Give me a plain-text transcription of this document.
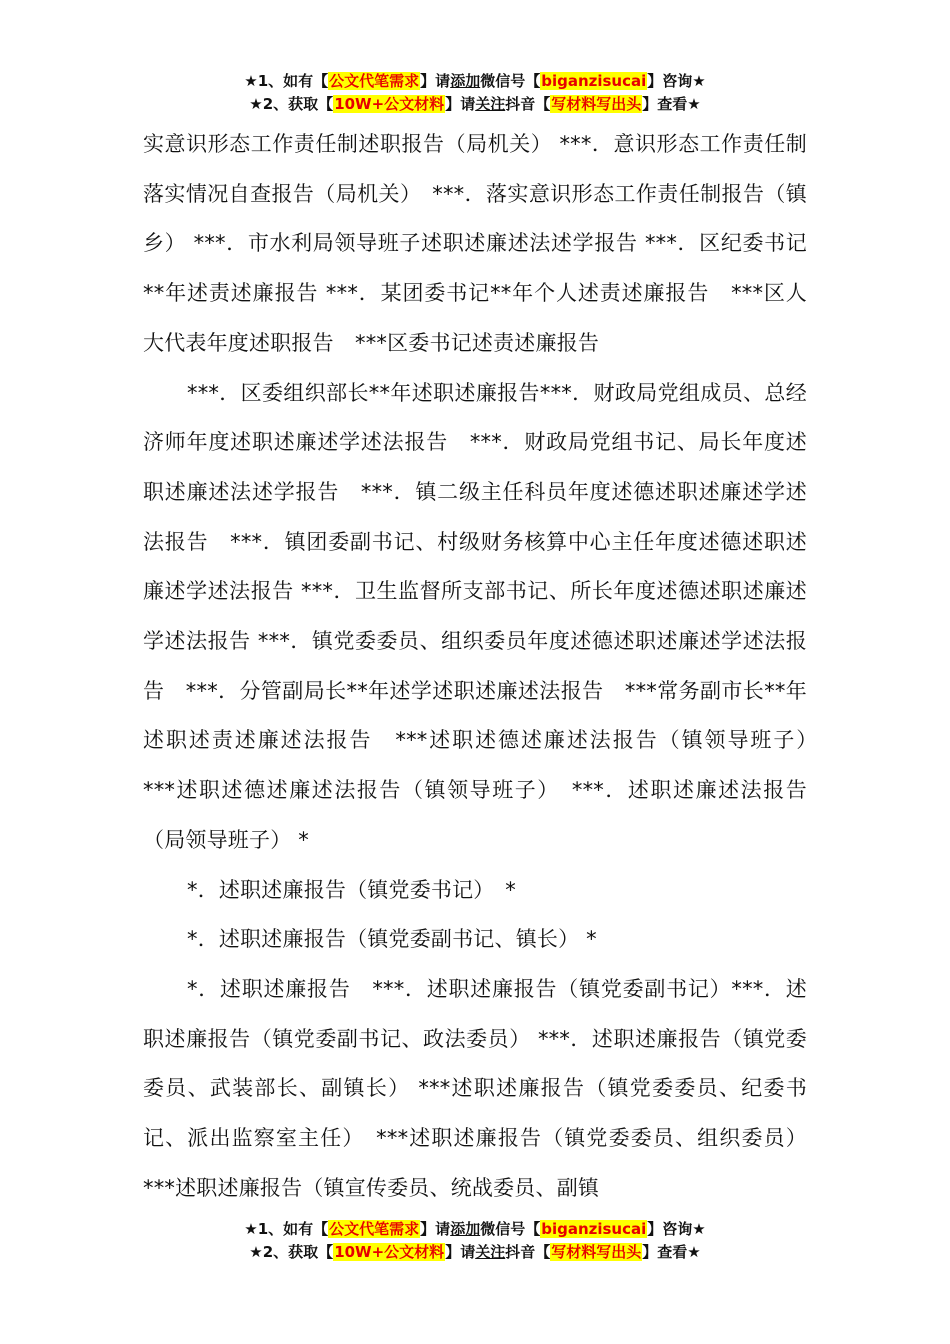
★1、如有【公文代笔需求】请添加微信号【biganzisucai】咨询★
★2、获取【10W+公文材料】请关注抖音【写材料写出头】查看★

实意识形态工作责任制述职报告（局机关） ***．意识形态工作责任制落实情况自查报告（局机关）　***．落实意识形态工作责任制报告（镇乡） ***．市水利局领导班子述职述廉述法述学报告 ***．区纪委书记**年述责述廉报告 ***．某团委书记**年个人述责述廉报告　***区人大代表年度述职报告　***区委书记述责述廉报告

***．区委组织部长**年述职述廉报告***．财政局党组成员、总经济师年度述职述廉述学述法报告　***．财政局党组书记、局长年度述职述廉述法述学报告　***．镇二级主任科员年度述德述职述廉述学述法报告　***．镇团委副书记、村级财务核算中心主任年度述德述职述廉述学述法报告 ***．卫生监督所支部书记、所长年度述德述职述廉述学述法报告 ***．镇党委委员、组织委员年度述德述职述廉述学述法报告　***．分管副局长**年述学述职述廉述法报告　***常务副市长**年述职述责述廉述法报告　***述职述德述廉述法报告（镇领导班子）　***述职述德述廉述法报告（镇领导班子）　***．述职述廉述法报告（局领导班子） *

*．述职述廉报告（镇党委书记）　*

*．述职述廉报告（镇党委副书记、镇长） *

*．述职述廉报告　***．述职述廉报告（镇党委副书记）***．述职述廉报告（镇党委副书记、政法委员） ***．述职述廉报告（镇党委委员、武装部长、副镇长） ***述职述廉报告（镇党委委员、纪委书记、派出监察室主任）　***述职述廉报告（镇党委委员、组织委员） ***述职述廉报告（镇宣传委员、统战委员、副镇

★1、如有【公文代笔需求】请添加微信号【biganzisucai】咨询★
★2、获取【10W+公文材料】请关注抖音【写材料写出头】查看★
